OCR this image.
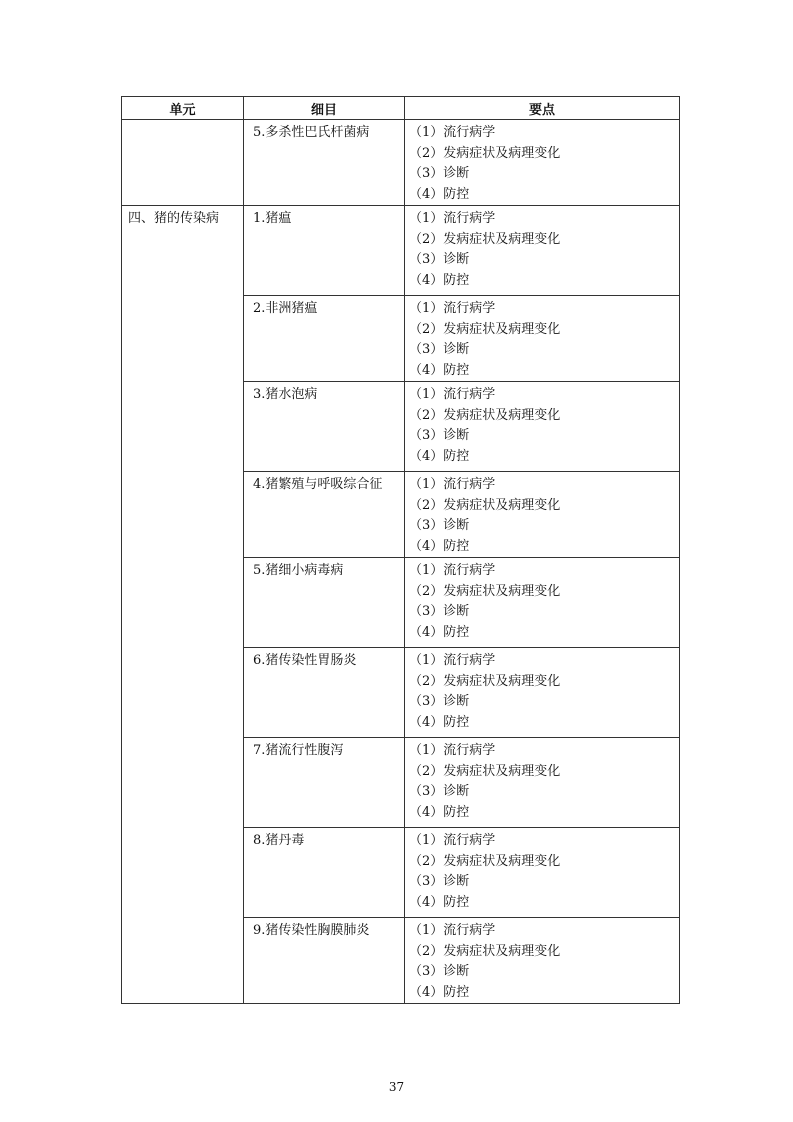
单元	细目	要点

	5.多杀性巴氏杆菌病	（1）流行病学
（2）发病症状及病理变化
（3）诊断
（4）防控

四、猪的传染病	1.猪瘟	（1）流行病学
（2）发病症状及病理变化
（3）诊断
（4）防控

	2.非洲猪瘟	（1）流行病学
（2）发病症状及病理变化
（3）诊断
（4）防控

	3.猪水泡病	（1）流行病学
（2）发病症状及病理变化
（3）诊断
（4）防控

	4.猪繁殖与呼吸综合征	（1）流行病学
（2）发病症状及病理变化
（3）诊断
（4）防控

	5.猪细小病毒病	（1）流行病学
（2）发病症状及病理变化
（3）诊断
（4）防控

	6.猪传染性胃肠炎	（1）流行病学
（2）发病症状及病理变化
（3）诊断
（4）防控

	7.猪流行性腹泻	（1）流行病学
（2）发病症状及病理变化
（3）诊断
（4）防控

	8.猪丹毒	（1）流行病学
（2）发病症状及病理变化
（3）诊断
（4）防控

	9.猪传染性胸膜肺炎	（1）流行病学
（2）发病症状及病理变化
（3）诊断
（4）防控
37
